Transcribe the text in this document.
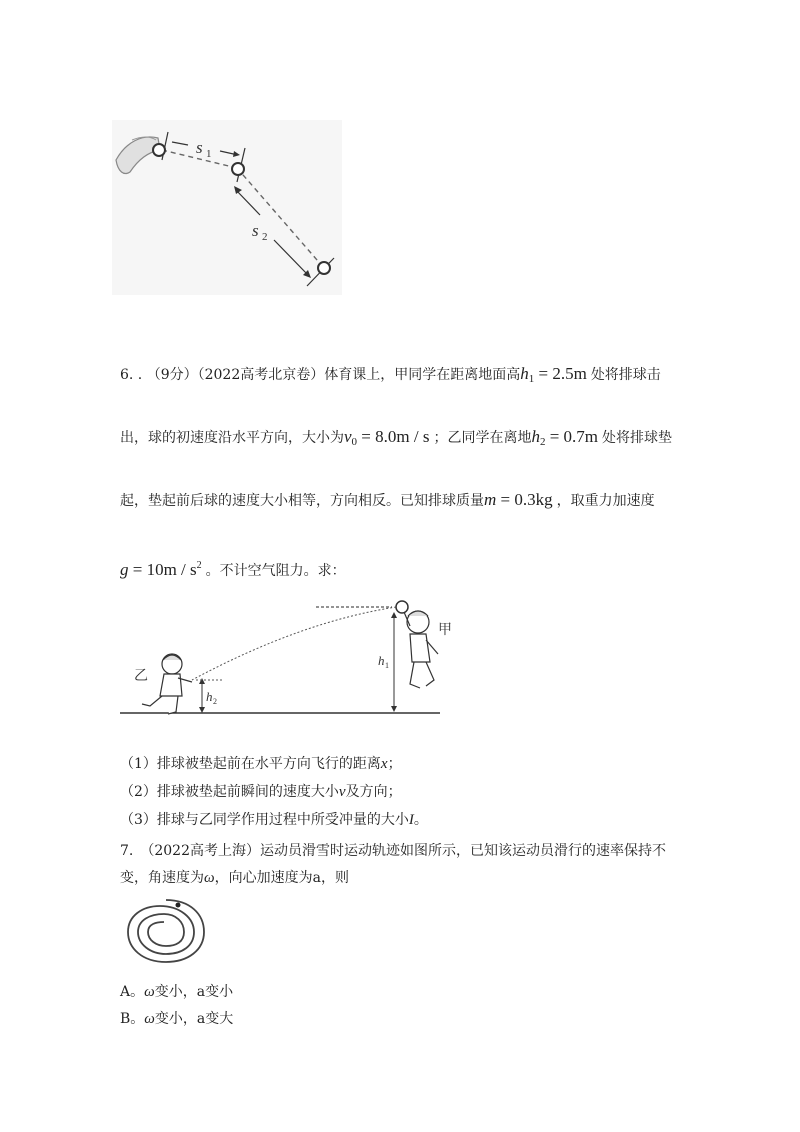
s 1
s 2
6. . （9分）（2022高考北京卷）体育课上，甲同学在距离地面高$h_1 = 2.5m$ 处将排球击
出，球的初速度沿水平方向，大小为$v_0 = 8.0m / s$ ；乙同学在离地$h_2 = 0.7m$ 处将排球垫
起，垫起前后球的速度大小相等，方向相反。已知排球质量m = 0.3kg ，取重力加速度
$g = 10m / s^2$ 。不计空气阻力。求：
h 1
h 2
甲
乙
（1）排球被垫起前在水平方向飞行的距离x；
（2）排球被垫起前瞬间的速度大小v及方向；
（3）排球与乙同学作用过程中所受冲量的大小I。
7.　（2022高考上海）运动员滑雪时运动轨迹如图所示，已知该运动员滑行的速率保持不
变，角速度为ω，向心加速度为a，则
A。ω变小，a变小
B。ω变小，a变大
